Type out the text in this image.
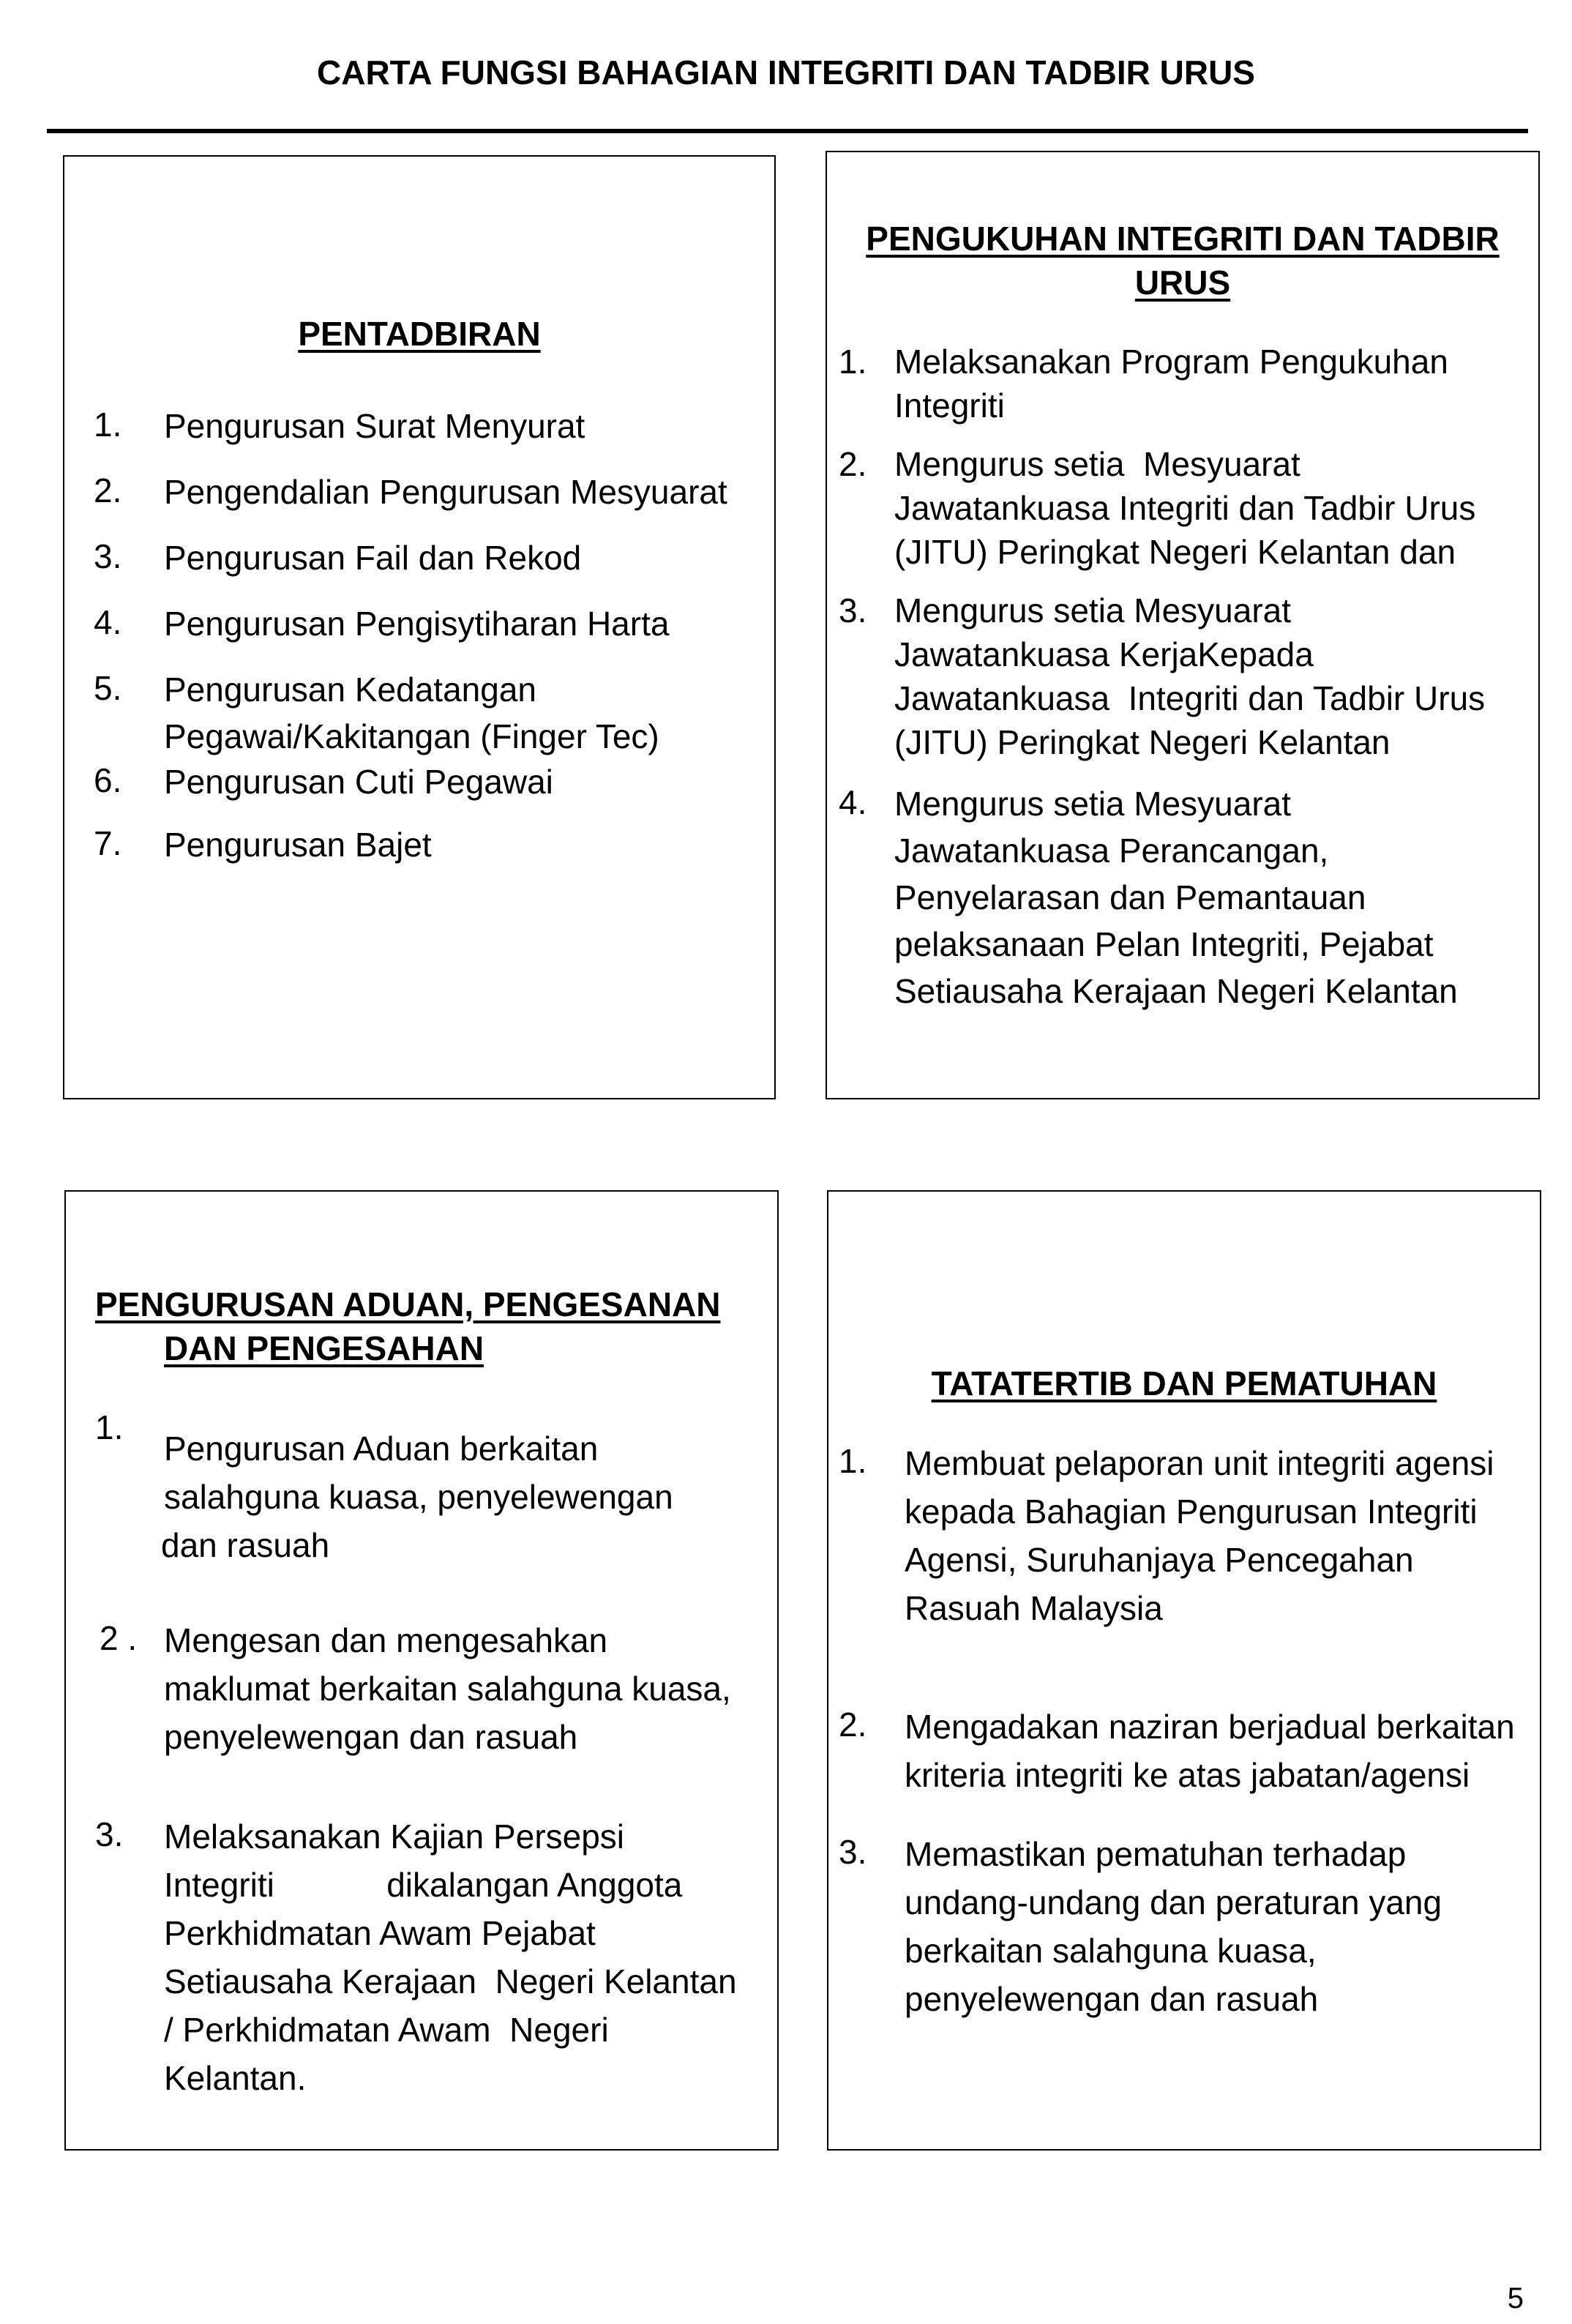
CARTA FUNGSI BAHAGIAN INTEGRITI DAN TADBIR URUS
PENTADBIRAN
1. Pengurusan Surat Menyurat
2. Pengendalian Pengurusan Mesyuarat
3. Pengurusan Fail dan Rekod
4. Pengurusan Pengisytiharan Harta
5. Pengurusan Kedatangan
Pegawai/Kakitangan (Finger Tec)
6. Pengurusan Cuti Pegawai
7. Pengurusan Bajet
PENGUKUHAN INTEGRITI DAN TADBIR
URUS
1. Melaksanakan Program Pengukuhan
Integriti
2. Mengurus setia  Mesyuarat
Jawatankuasa Integriti dan Tadbir Urus
(JITU) Peringkat Negeri Kelantan dan
3. Mengurus setia Mesyuarat
Jawatankuasa KerjaKepada
Jawatankuasa  Integriti dan Tadbir Urus
(JITU) Peringkat Negeri Kelantan
4. Mengurus setia Mesyuarat
Jawatankuasa Perancangan,
Penyelarasan dan Pemantauan
pelaksanaan Pelan Integriti, Pejabat
Setiausaha Kerajaan Negeri Kelantan
PENGURUSAN ADUAN, PENGESANAN
DAN PENGESAHAN
1.
Pengurusan Aduan berkaitan
salahguna kuasa, penyelewengan
dan rasuah
2 . Mengesan dan mengesahkan
maklumat berkaitan salahguna kuasa,
penyelewengan dan rasuah
3. Melaksanakan Kajian Persepsi
Integriti            dikalangan Anggota
Perkhidmatan Awam Pejabat
Setiausaha Kerajaan  Negeri Kelantan
/ Perkhidmatan Awam  Negeri
Kelantan.
TATATERTIB DAN PEMATUHAN
1. Membuat pelaporan unit integriti agensi
kepada Bahagian Pengurusan Integriti
Agensi, Suruhanjaya Pencegahan
Rasuah Malaysia
2. Mengadakan naziran berjadual berkaitan
kriteria integriti ke atas jabatan/agensi
3. Memastikan pematuhan terhadap
undang-undang dan peraturan yang
berkaitan salahguna kuasa,
penyelewengan dan rasuah
5
